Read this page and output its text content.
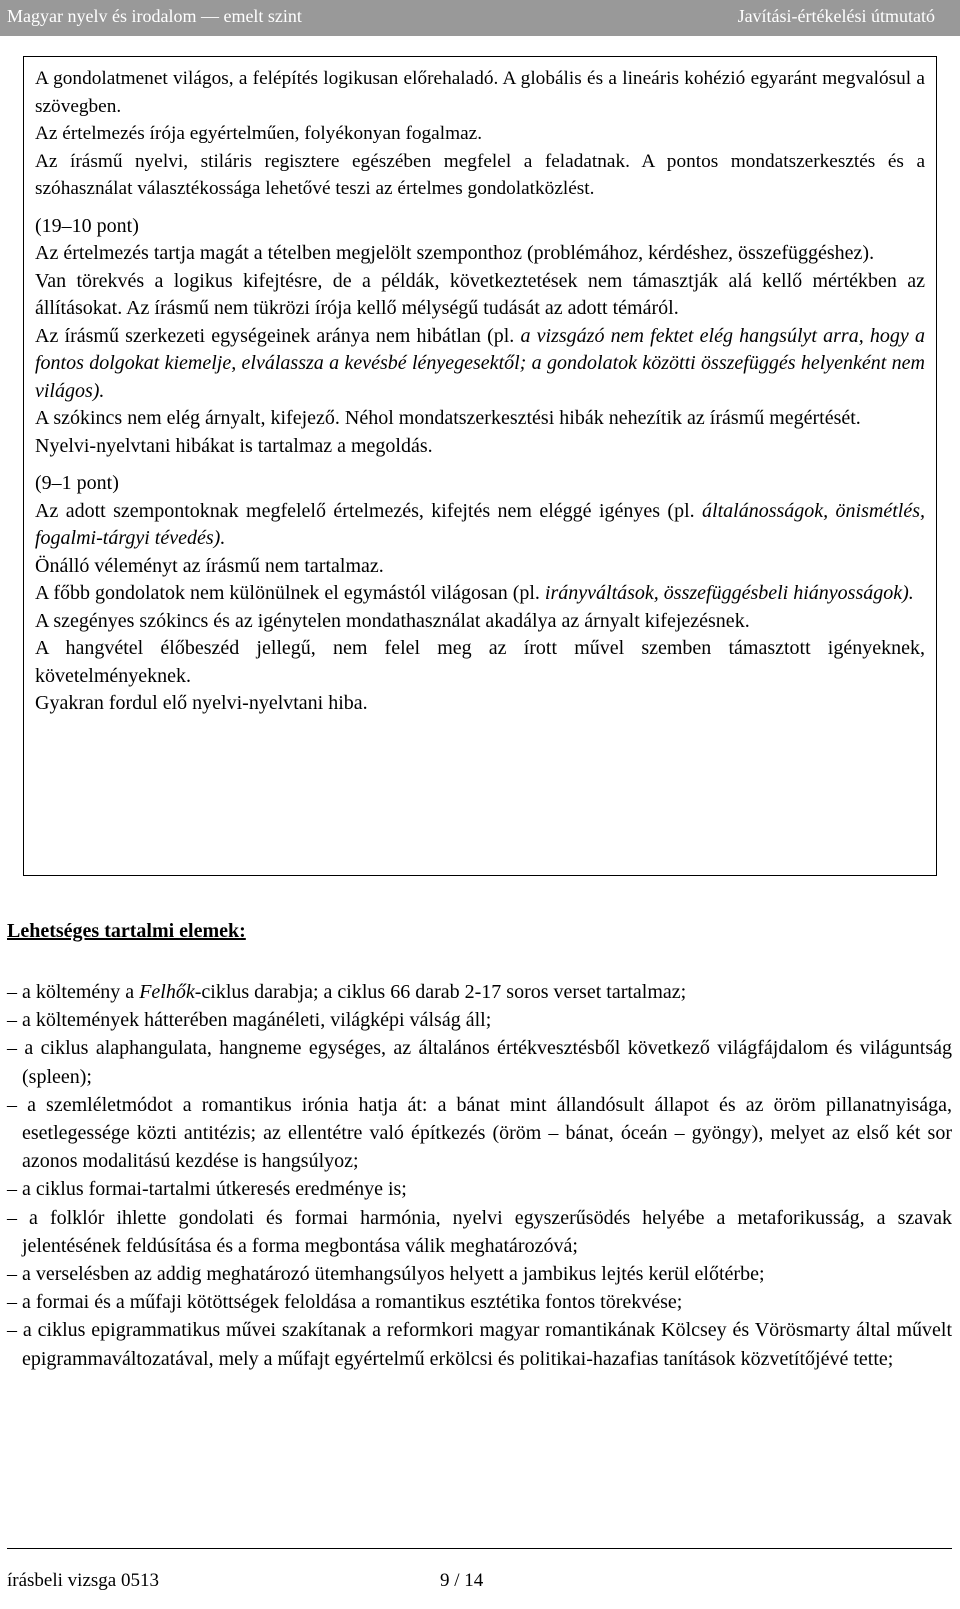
Magyar nyelv és irodalom — emelt szint	Javítási-értékelési útmutató

A gondolatmenet világos, a felépítés logikusan előrehaladó. A globális és a lineáris kohézió egyaránt megvalósul a szövegben.

Az értelmezés írója egyértelműen, folyékonyan fogalmaz.

Az írásmű nyelvi, stiláris regisztere egészében megfelel a feladatnak. A pontos mondatszerkesztés és a szóhasználat választékossága lehetővé teszi az értelmes gondolatközlést.

(19–10 pont)

Az értelmezés tartja magát a tételben megjelölt szemponthoz (problémához, kérdéshez, összefüggéshez).

Van törekvés a logikus kifejtésre, de a példák, következtetések nem támasztják alá kellő mértékben az állításokat. Az írásmű nem tükrözi írója kellő mélységű tudását az adott témáról.

Az írásmű szerkezeti egységeinek aránya nem hibátlan (pl. a vizsgázó nem fektet elég hangsúlyt arra, hogy a fontos dolgokat kiemelje, elválassza a kevésbé lényegesektől; a gondolatok közötti összefüggés helyenként nem világos).

A szókincs nem elég árnyalt, kifejező. Néhol mondatszerkesztési hibák nehezítik az írásmű megértését.

Nyelvi-nyelvtani hibákat is tartalmaz a megoldás.

(9–1 pont)

Az adott szempontoknak megfelelő értelmezés, kifejtés nem eléggé igényes (pl. általánosságok, önismétlés, fogalmi-tárgyi tévedés).

Önálló véleményt az írásmű nem tartalmaz.

A főbb gondolatok nem különülnek el egymástól világosan (pl. irányváltások, összefüggésbeli hiányosságok).

A szegényes szókincs és az igénytelen mondathasználat akadálya az árnyalt kifejezésnek.

A hangvétel élőbeszéd jellegű, nem felel meg az írott művel szemben támasztott igényeknek, követelményeknek.

Gyakran fordul elő nyelvi-nyelvtani hiba.

Lehetséges tartalmi elemek:
– a költemény a Felhők-ciklus darabja; a ciklus 66 darab 2-17 soros verset tartalmaz;
– a költemények hátterében magánéleti, világképi válság áll;
– a ciklus alaphangulata, hangneme egységes, az általános értékvesztésből következő világfájdalom és világuntság (spleen);
– a szemléletmódot a romantikus irónia hatja át: a bánat mint állandósult állapot és az öröm pillanatnyisága, esetlegessége közti antitézis; az ellentétre való építkezés (öröm – bánat, óceán – gyöngy), melyet az első két sor azonos modalitású kezdése is hangsúlyoz;
– a ciklus formai-tartalmi útkeresés eredménye is;
– a folklór ihlette gondolati és formai harmónia, nyelvi egyszerűsödés helyébe a metaforikusság, a szavak jelentésének feldúsítása és a forma megbontása válik meghatározóvá;
– a verselésben az addig meghatározó ütemhangsúlyos helyett a jambikus lejtés kerül előtérbe;
– a formai és a műfaji kötöttségek feloldása a romantikus esztétika fontos törekvése;
– a ciklus epigrammatikus művei szakítanak a reformkori magyar romantikának Kölcsey és Vörösmarty által művelt epigrammaváltozatával, mely a műfajt egyértelmű erkölcsi és politikai-hazafias tanítások közvetítőjévé tette;
írásbeli vizsga 0513	9 / 14
